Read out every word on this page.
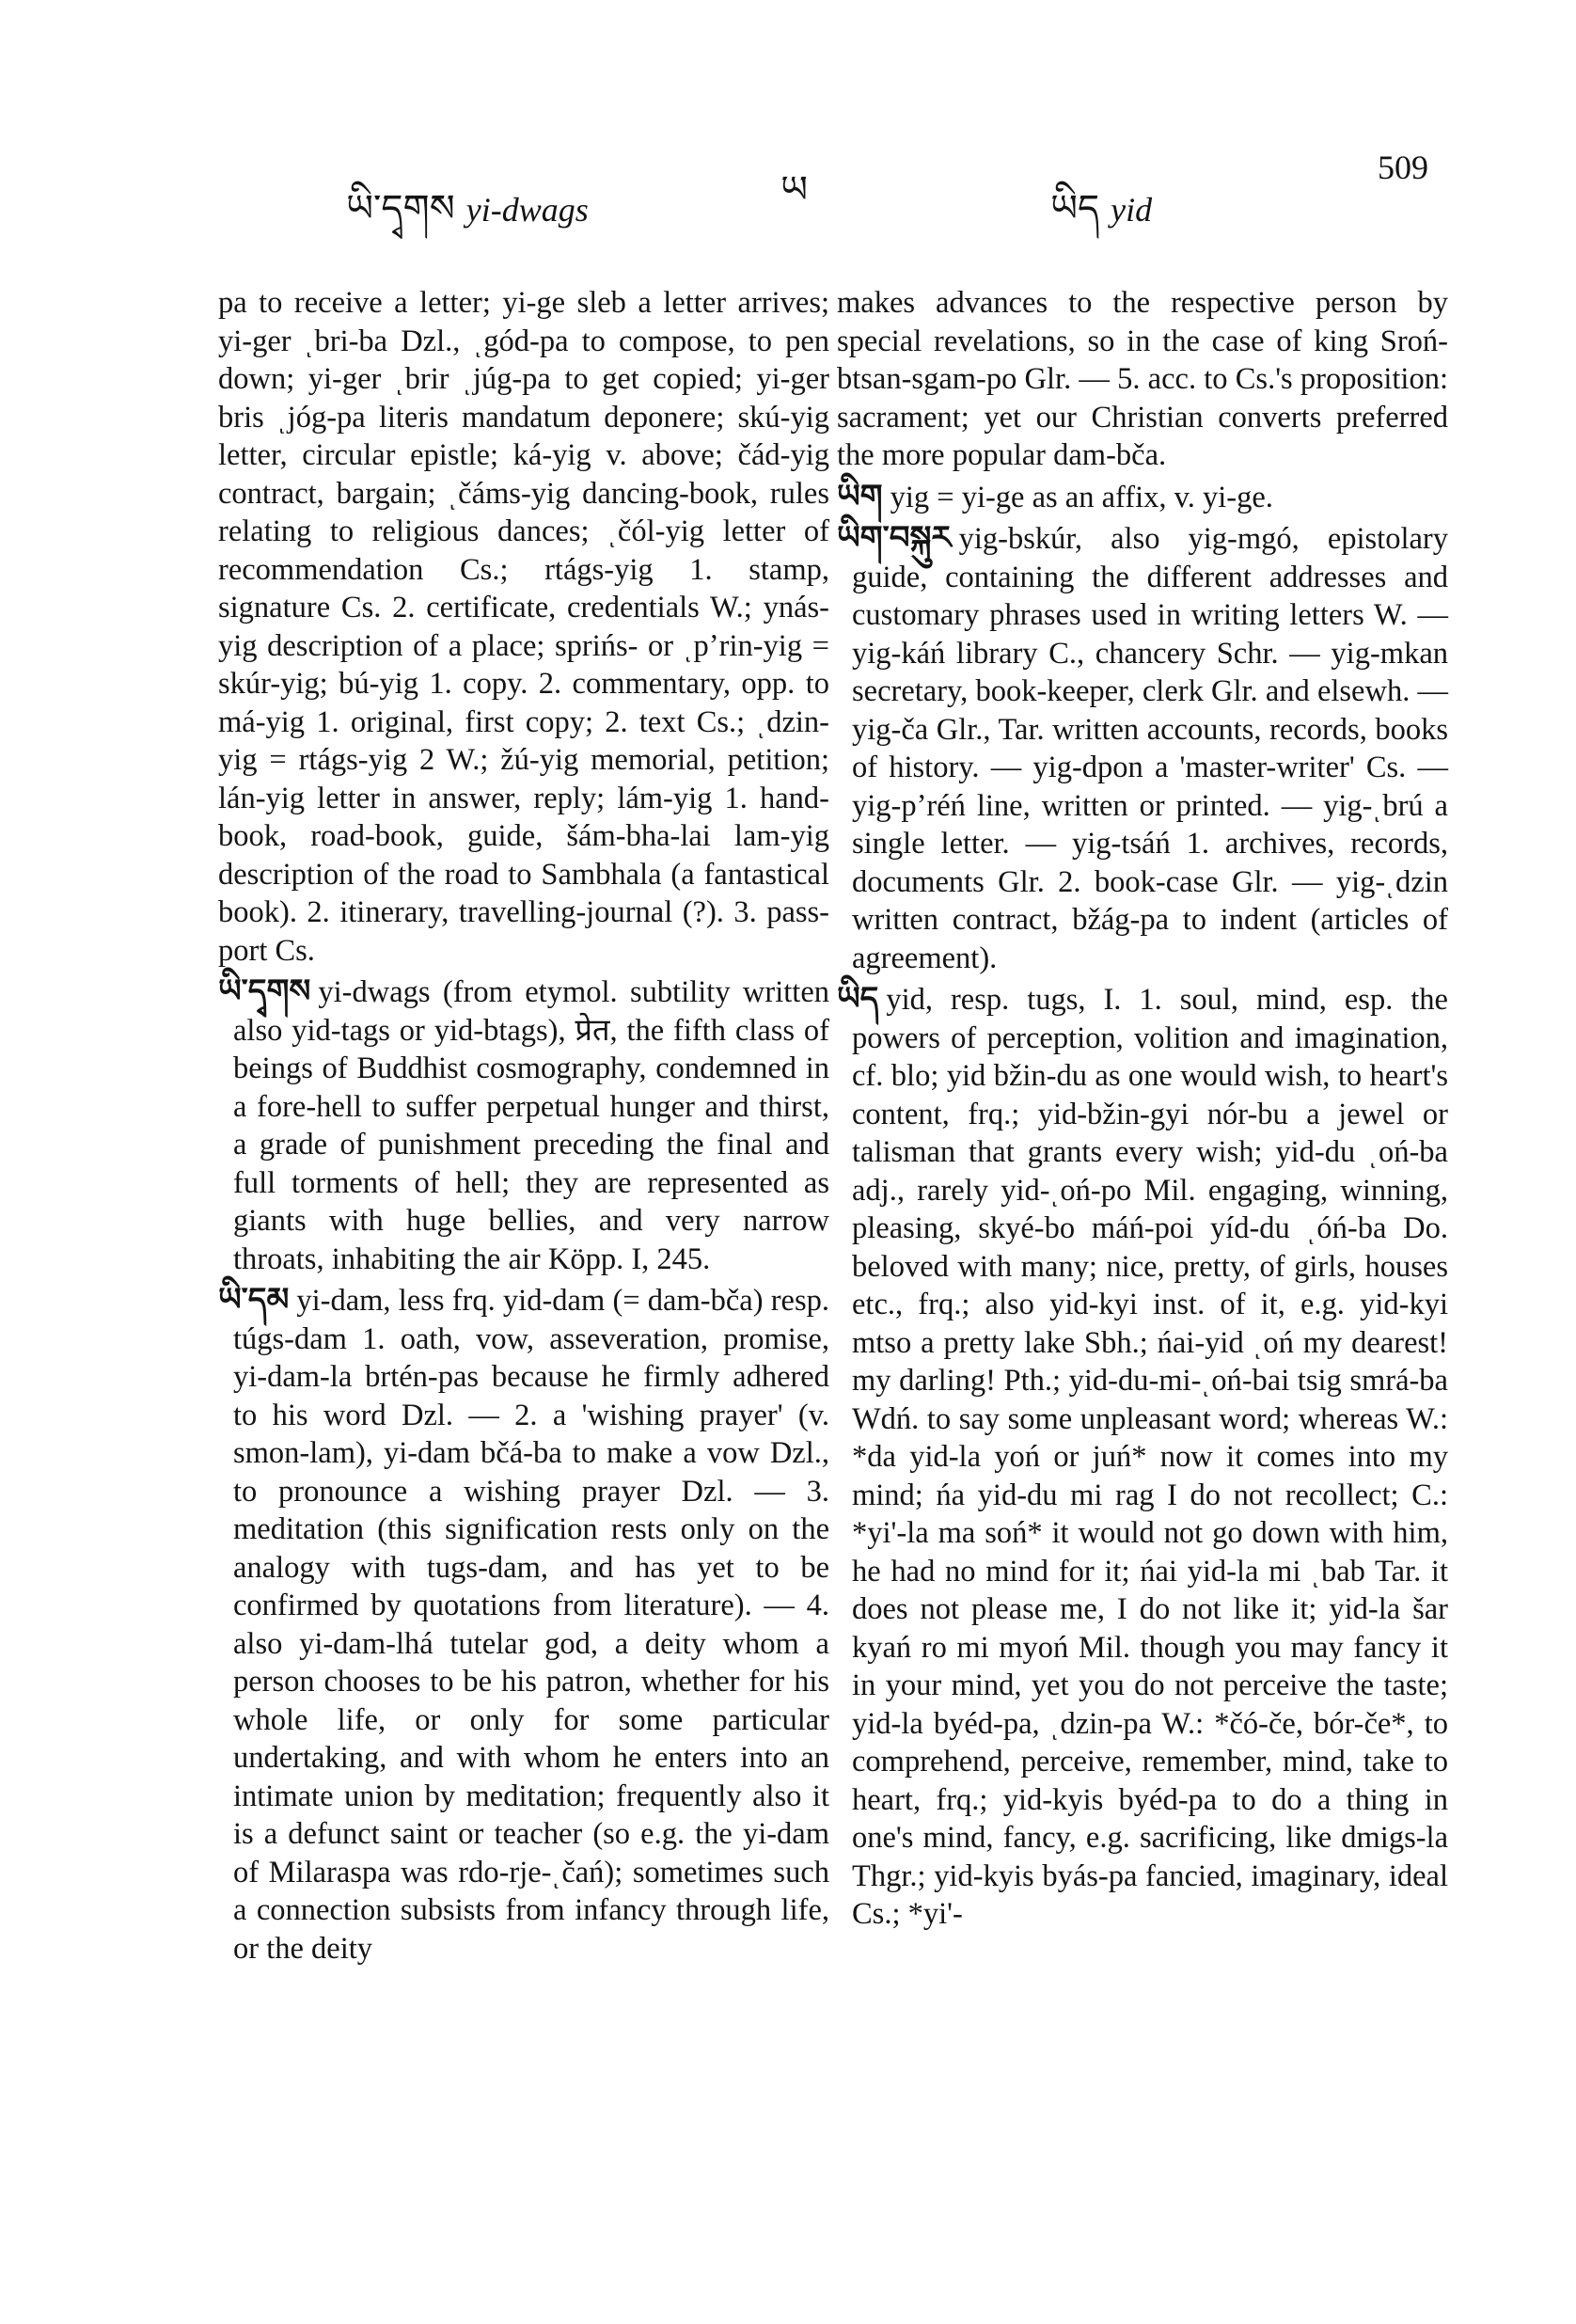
ཡི་དྭགས yi-dwags	ཡ	ཡིད yid
509

pa to receive a letter; yi-ge sleb a letter arrives; yi-ger ͺbri-ba Dzl., ͺgód-pa to compose, to pen down; yi-ger ͺbrir ͺjúg-pa to get copied; yi-ger bris ͺjóg-pa literis mandatum deponere; skú-yig letter, circular epistle; ká-yig v. above; čád-yig contract, bargain; ͺčáms-yig dancing-book, rules relating to religious dances; ͺčól-yig letter of recommendation Cs.; rtágs-yig 1. stamp, signature Cs. 2. certificate, credentials W.; ynás-yig description of a place; sprińs- or ͺpʼrin-yig = skúr-yig; bú-yig 1. copy. 2. commentary, opp. to má-yig 1. original, first copy; 2. text Cs.; ͺdzin-yig = rtágs-yig 2 W.; žú-yig memorial, petition; lán-yig letter in answer, reply; lám-yig 1. hand-book, road-book, guide, šám-bha-lai lam-yig description of the road to Sambhala (a fantastical book). 2. itinerary, travelling-journal (?). 3. pass-port Cs.

ཡི་དྭགས yi-dwags (from etymol. subtility written also yid-tags or yid-btags), प्रेत, the fifth class of beings of Buddhist cosmography, condemned in a fore-hell to suffer perpetual hunger and thirst, a grade of punishment preceding the final and full torments of hell; they are represented as giants with huge bellies, and very narrow throats, inhabiting the air Köpp. I, 245.

ཡི་དམ yi-dam, less frq. yid-dam (= dam-bča) resp. túgs-dam 1. oath, vow, asseveration, promise, yi-dam-la brtén-pas because he firmly adhered to his word Dzl. — 2. a 'wishing prayer' (v. smon-lam), yi-dam bčá-ba to make a vow Dzl., to pronounce a wishing prayer Dzl. — 3. meditation (this signification rests only on the analogy with tugs-dam, and has yet to be confirmed by quotations from literature). — 4. also yi-dam-lhá tutelar god, a deity whom a person chooses to be his patron, whether for his whole life, or only for some particular undertaking, and with whom he enters into an intimate union by meditation; frequently also it is a defunct saint or teacher (so e.g. the yi-dam of Milaraspa was rdo-rje-ͺčań); sometimes such a connection subsists from infancy through life, or the deity

makes advances to the respective person by special revelations, so in the case of king Sroń-btsan-sgam-po Glr. — 5. acc. to Cs.'s proposition: sacrament; yet our Christian converts preferred the more popular dam-bča.

ཡིག yig = yi-ge as an affix, v. yi-ge.

ཡིག་བསྐུར yig-bskúr, also yig-mgó, epistolary guide, containing the different addresses and customary phrases used in writing letters W. — yig-káń library C., chancery Schr. — yig-mkan secretary, book-keeper, clerk Glr. and elsewh. — yig-ča Glr., Tar. written accounts, records, books of history. — yig-dpon a 'master-writer' Cs. — yig-pʼréń line, written or printed. — yig-ͺbrú a single letter. — yig-tsáń 1. archives, records, documents Glr. 2. book-case Glr. — yig-ͺdzin written contract, bžág-pa to indent (articles of agreement).

ཡིད yid, resp. tugs, I. 1. soul, mind, esp. the powers of perception, volition and imagination, cf. blo; yid bžin-du as one would wish, to heart's content, frq.; yid-bžin-gyi nór-bu a jewel or talisman that grants every wish; yid-du ͺoń-ba adj., rarely yid-ͺoń-po Mil. engaging, winning, pleasing, skyé-bo máń-poi yíd-du ͺóń-ba Do. beloved with many; nice, pretty, of girls, houses etc., frq.; also yid-kyi inst. of it, e.g. yid-kyi mtso a pretty lake Sbh.; ńai-yid ͺoń my dearest! my darling! Pth.; yid-du-mi-ͺoń-bai tsig smrá-ba Wdń. to say some unpleasant word; whereas W.: *da yid-la yoń or juń* now it comes into my mind; ńa yid-du mi rag I do not recollect; C.: *yi'-la ma soń* it would not go down with him, he had no mind for it; ńai yid-la mi ͺbab Tar. it does not please me, I do not like it; yid-la šar kyań ro mi myoń Mil. though you may fancy it in your mind, yet you do not perceive the taste; yid-la byéd-pa, ͺdzin-pa W.: *čó-če, bór-če*, to comprehend, perceive, remember, mind, take to heart, frq.; yid-kyis byéd-pa to do a thing in one's mind, fancy, e.g. sacrificing, like dmigs-la Thgr.; yid-kyis byás-pa fancied, imaginary, ideal Cs.; *yi'-
